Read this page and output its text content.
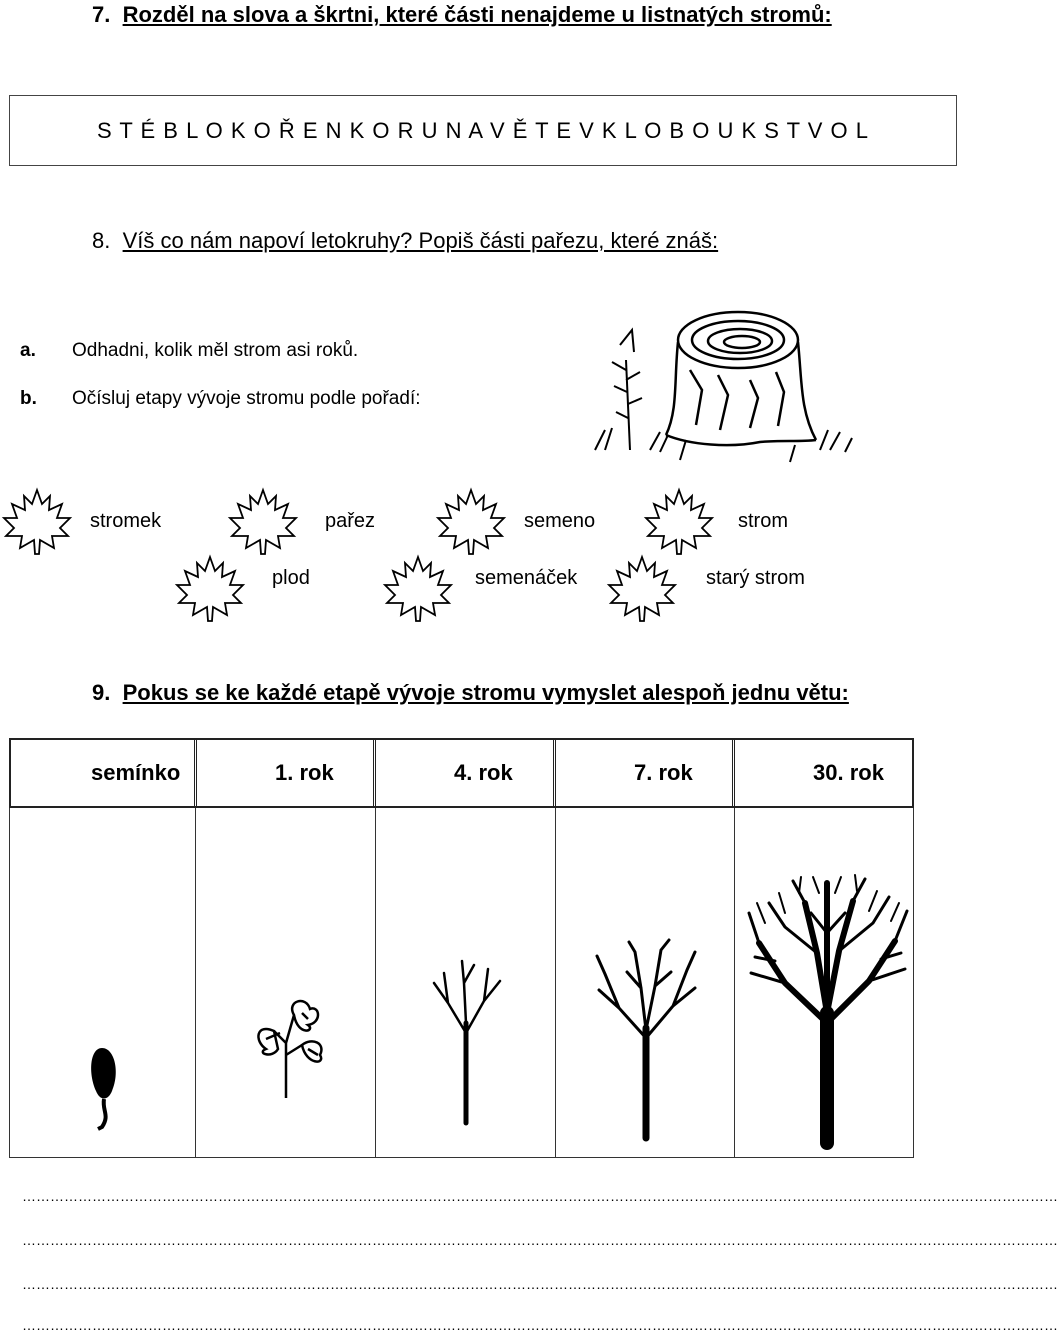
7. Rozděl na slova a škrtni, které části nenajdeme u listnatých stromů:
S T É B L O K O Ř E N K O R U N A V Ě T E V K L O B O U K S T V O L
8. Víš co nám napoví letokruhy? Popiš části pařezu, které znáš:
a. Odhadni, kolik měl strom asi roků.
b. Očísluj etapy vývoje stromu podle pořadí:
stromek	pařez	semeno	strom
plod	semenáček	starý strom
9. Pokus se ke každé etapě vývoje stromu vymyslet alespoň jednu větu:
semínko	1. rok	4. rok	7. rok	30. rok
……………………………………………………………………………………………………………………………………………………………………………………………………
……………………………………………………………………………………………………………………………………………………………………………………………………
……………………………………………………………………………………………………………………………………………………………………………………………………
……………………………………………………………………………………………………………………………………………………………………………………………………
